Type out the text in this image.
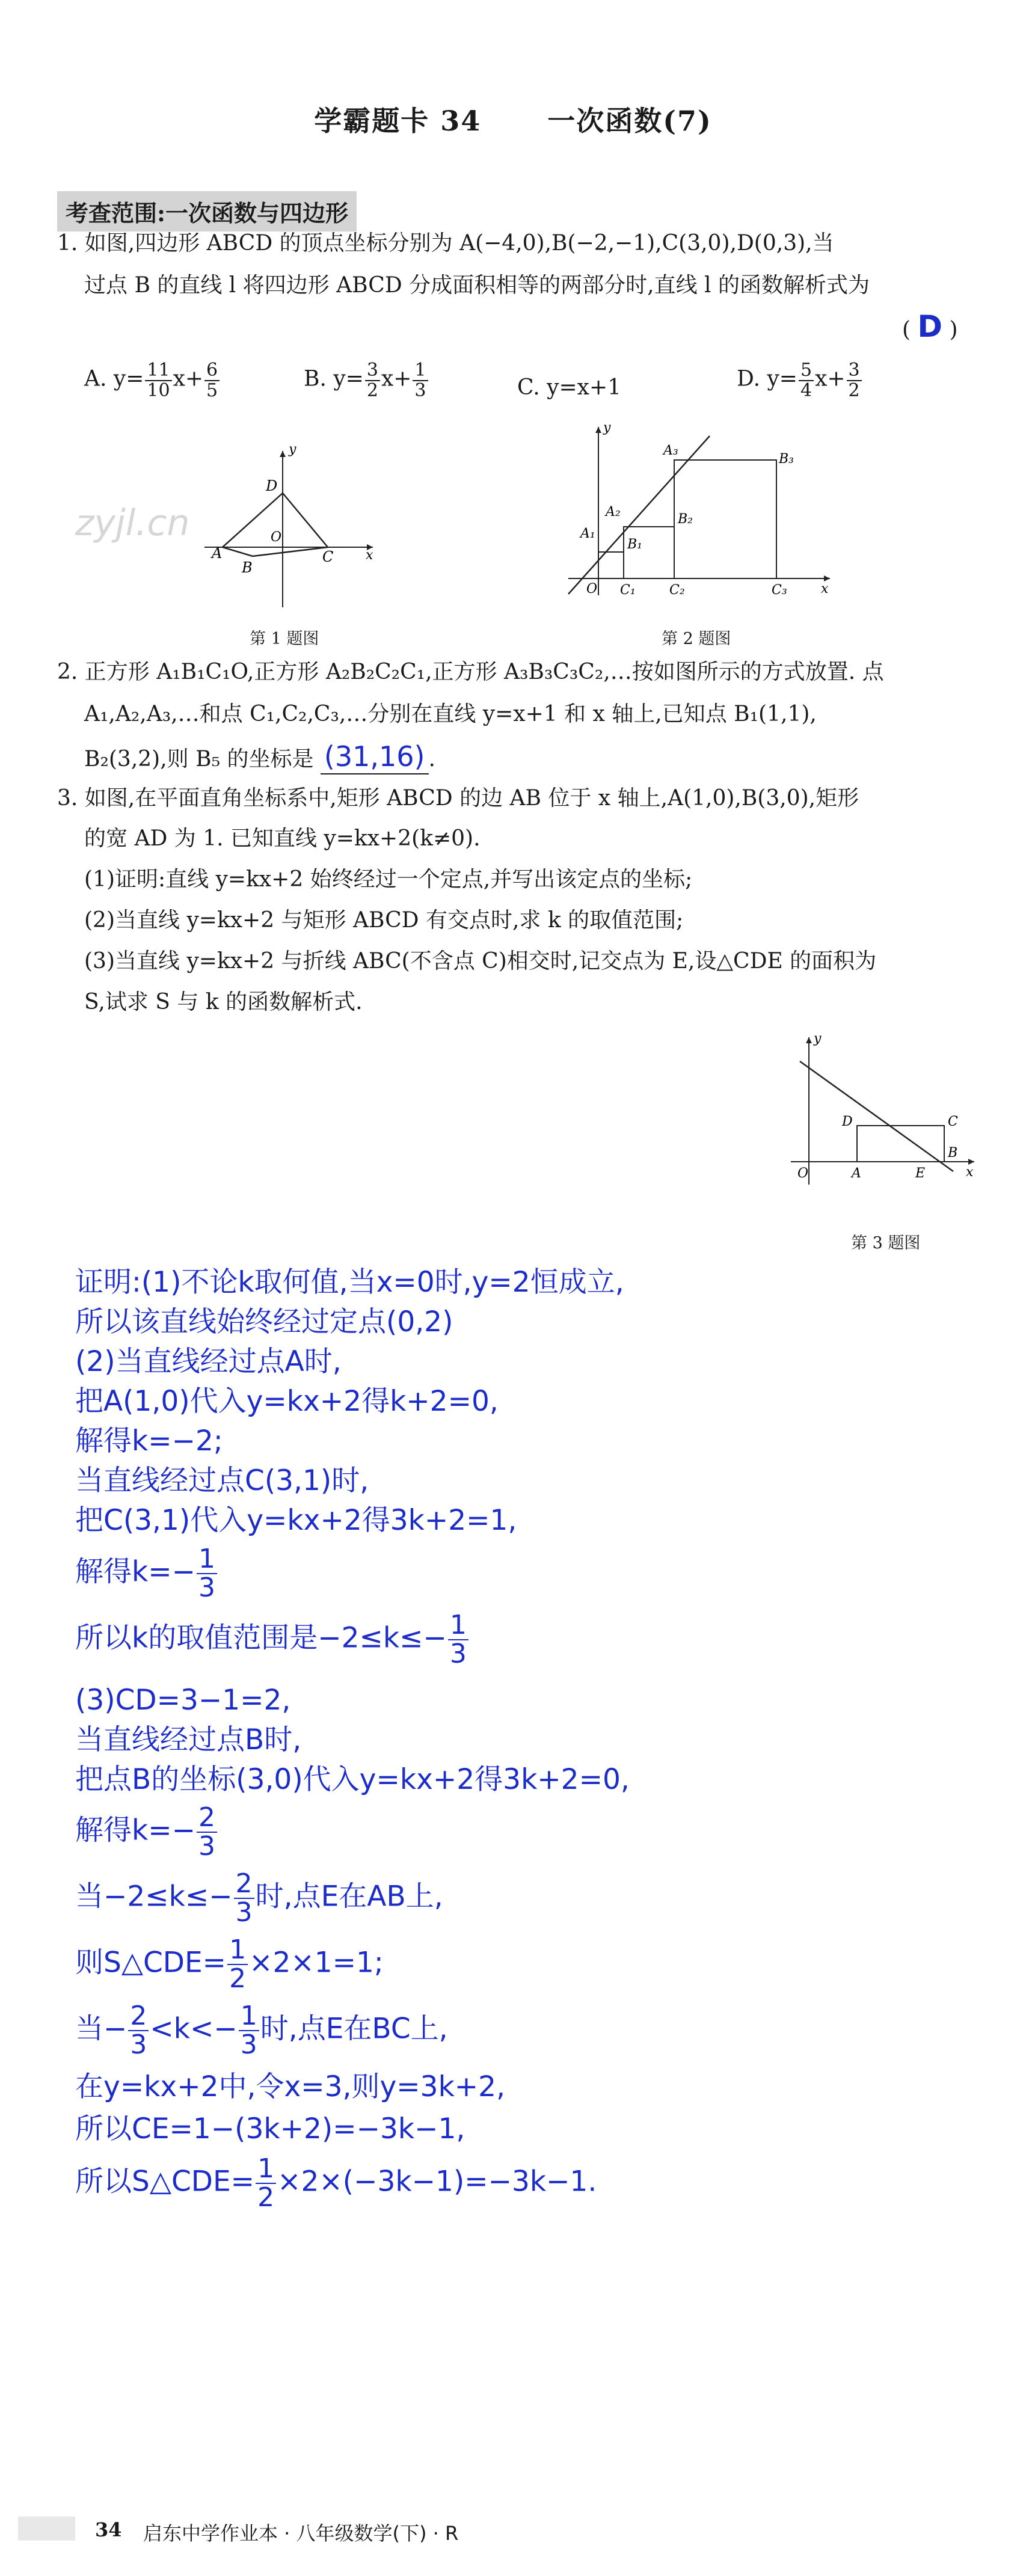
学霸题卡 34 一次函数(7)
考查范围:一次函数与四边形
1. 如图,四边形 ABCD 的顶点坐标分别为 A(−4,0),B(−2,−1),C(3,0),D(0,3),当
过点 B 的直线 l 将四边形 ABCD 分成面积相等的两部分时,直线 l 的函数解析式为
( D )
A. $y= \frac{11}{10} x+ \frac{6}{5}$	B. $y= \frac{3}{2} x+ \frac{1}{3}$	C. y=x+1	D. $y= \frac{5}{4} x+ \frac{3}{2}$
zyjl.cn
y
x
D
O
A
B
C
第 1 题图
y
x
O
A₁
A₂
A₃
B₁
B₂
B₃
C₁	C₂	C₃
第 2 题图
2. 正方形 A₁B₁C₁O,正方形 A₂B₂C₂C₁,正方形 A₃B₃C₃C₂,…按如图所示的方式放置. 点
A₁,A₂,A₃,…和点 C₁,C₂,C₃,…分别在直线 y=x+1 和 x 轴上,已知点 B₁(1,1),
B₂(3,2),则 B₅ 的坐标是 (31,16) .
3. 如图,在平面直角坐标系中,矩形 ABCD 的边 AB 位于 x 轴上,A(1,0),B(3,0),矩形
的宽 AD 为 1. 已知直线 y=kx+2(k≠0).
(1)证明:直线 y=kx+2 始终经过一个定点,并写出该定点的坐标;
(2)当直线 y=kx+2 与矩形 ABCD 有交点时,求 k 的取值范围;
(3)当直线 y=kx+2 与折线 ABC(不含点 C)相交时,记交点为 E,设△CDE 的面积为
S,试求 S 与 k 的函数解析式.
y
x
O	A
B
C
D
E
第 3 题图
证明:(1)不论k取何值,当x=0时,y=2恒成立,
所以该直线始终经过定点(0,2)
(2)当直线经过点A时,
把A(1,0)代入y=kx+2得k+2=0,
解得k=−2;
当直线经过点C(3,1)时,
把C(3,1)代入y=kx+2得3k+2=1,
解得$k=- \frac{1}{3}$
所以k的取值范围是$-2\le k\le- \frac{1}{3}$
(3)CD=3−1=2,
当直线经过点B时,
把点B的坐标(3,0)代入y=kx+2得3k+2=0,
解得$k=- \frac{2}{3}$
当$-2\le k\le- \frac{2}{3}$ 时,点E在AB上,
则S△CDE= $\frac{1}{2} \times 2\times 1=1$;
当− $\frac{2}{3} <k<- \frac{1}{3}$ 时,点E在BC上,
在y=kx+2中,令x=3,则y=3k+2,
所以CE=1−(3k+2)=−3k−1,
所以S△CDE= $\frac{1}{2} \times 2\times(-3k-1)=-3k-1$.
34 启东中学作业本 · 八年级数学(下) · R
